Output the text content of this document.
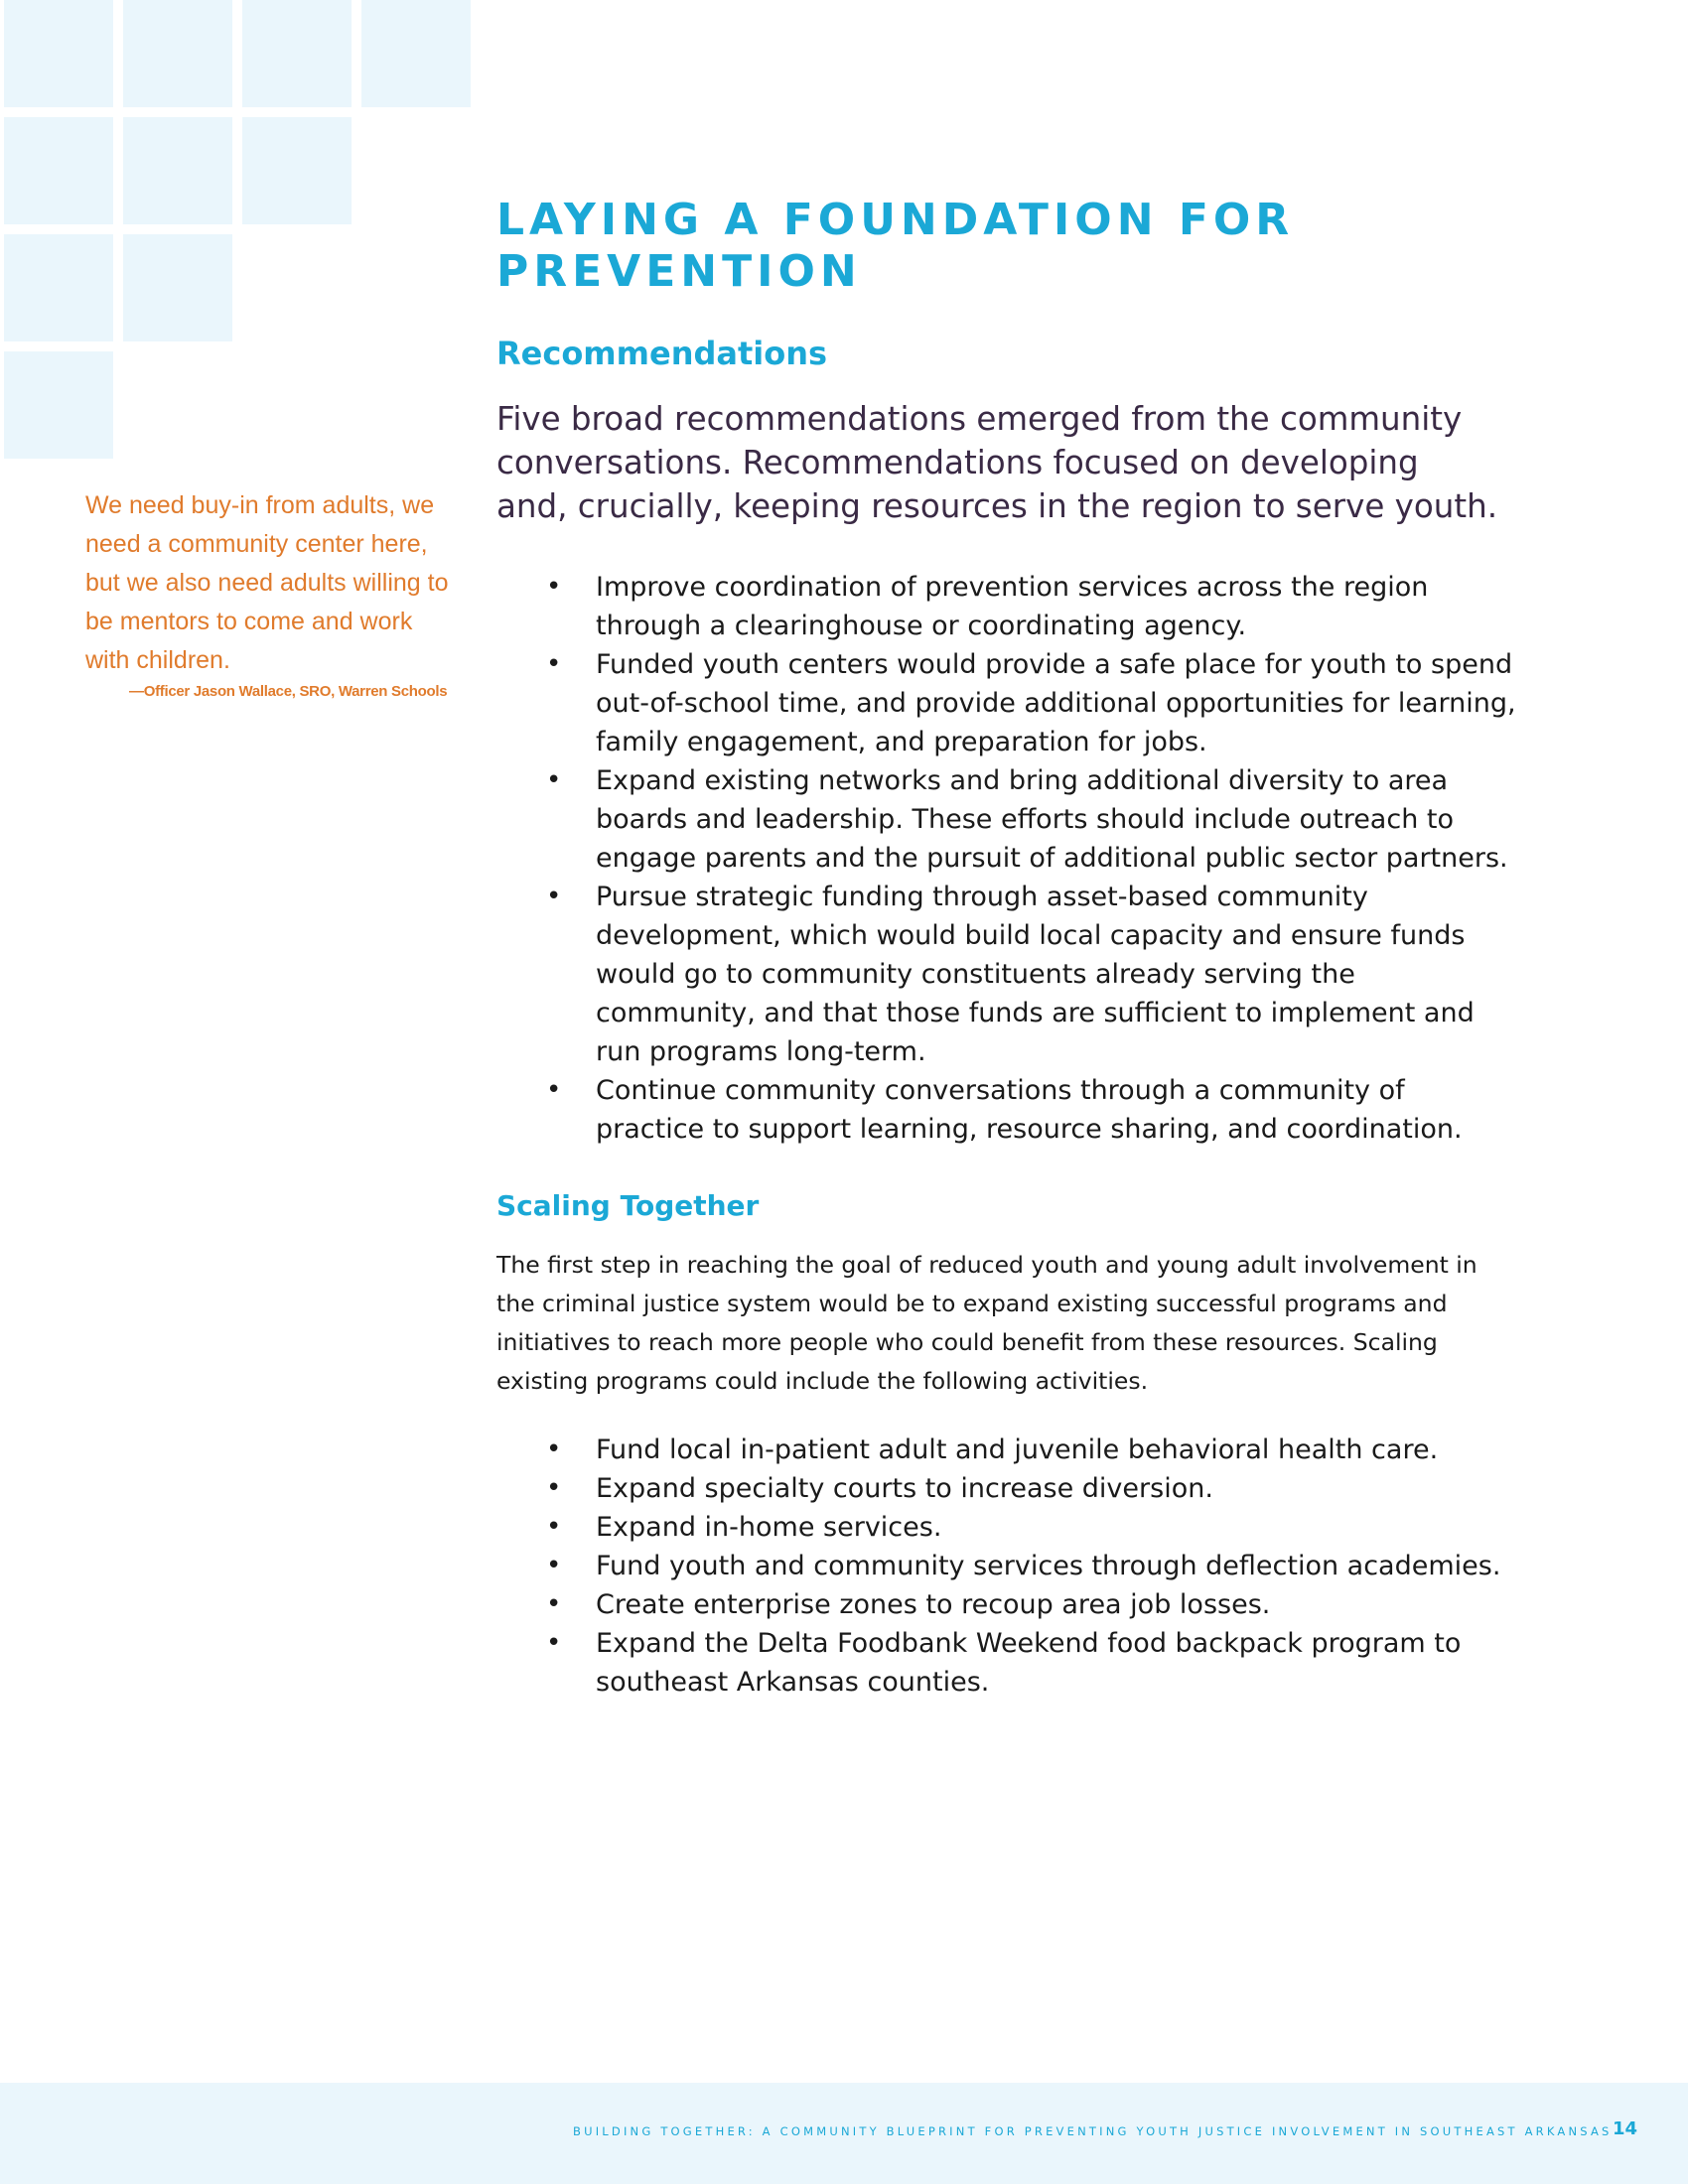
We need buy-in from adults, we need a community center here, but we also need adults willing to be mentors to come and work with children.
—Officer Jason Wallace, SRO, Warren Schools
LAYING A FOUNDATION FOR PREVENTION
Recommendations

Five broad recommendations emerged from the community conversations. Recommendations focused on developing and, crucially, keeping resources in the region to serve youth.

• Improve coordination of prevention services across the region through a clearinghouse or coordinating agency.
• Funded youth centers would provide a safe place for youth to spend out-of-school time, and provide additional opportunities for learning, family engagement, and preparation for jobs.
• Expand existing networks and bring additional diversity to area boards and leadership. These efforts should include outreach to engage parents and the pursuit of additional public sector partners.
• Pursue strategic funding through asset-based community development, which would build local capacity and ensure funds would go to community constituents already serving the community, and that those funds are sufficient to implement and run programs long-term.
• Continue community conversations through a community of practice to support learning, resource sharing, and coordination.
Scaling Together

The first step in reaching the goal of reduced youth and young adult involvement in the criminal justice system would be to expand existing successful programs and initiatives to reach more people who could benefit from these resources. Scaling existing programs could include the following activities.

• Fund local in-patient adult and juvenile behavioral health care.
• Expand specialty courts to increase diversion.
• Expand in-home services.
• Fund youth and community services through deflection academies.
• Create enterprise zones to recoup area job losses.
• Expand the Delta Foodbank Weekend food backpack program to southeast Arkansas counties.
BUILDING TOGETHER: A COMMUNITY BLUEPRINT FOR PREVENTING YOUTH JUSTICE INVOLVEMENT IN SOUTHEAST ARKANSAS 14
